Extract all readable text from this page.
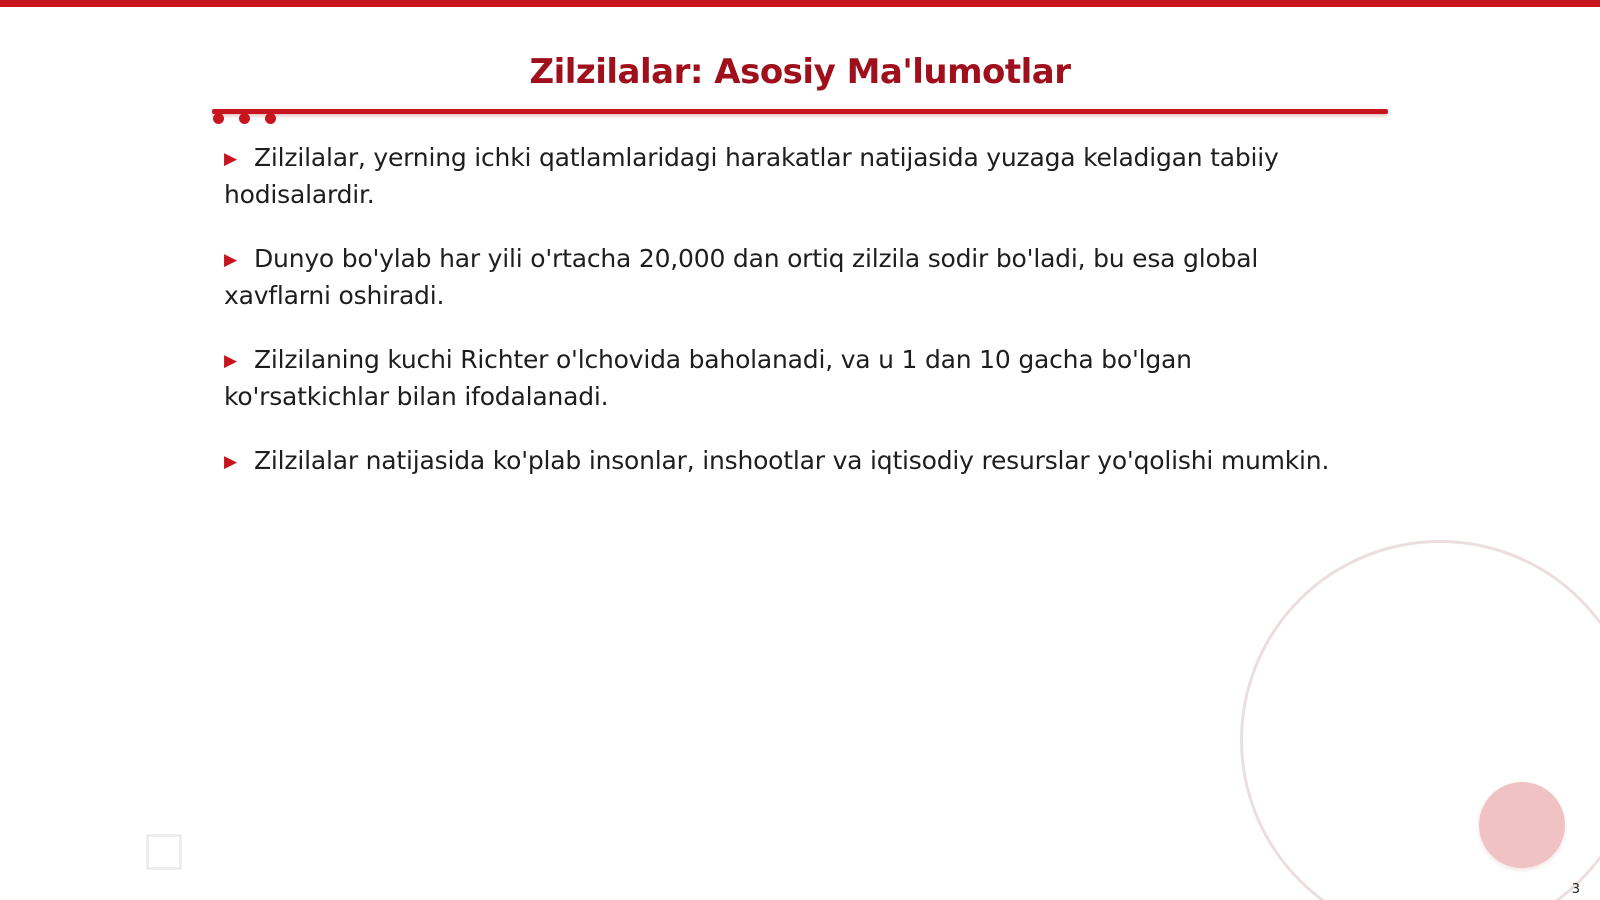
Zilzilalar: Asosiy Ma'lumotlar
▶ Zilzilalar, yerning ichki qatlamlaridagi harakatlar natijasida yuzaga keladigan tabiiy hodisalardir.
▶ Dunyo bo'ylab har yili o'rtacha 20,000 dan ortiq zilzila sodir bo'ladi, bu esa global xavflarni oshiradi.
▶ Zilzilaning kuchi Richter o'lchovida baholanadi, va u 1 dan 10 gacha bo'lgan ko'rsatkichlar bilan ifodalanadi.
▶ Zilzilalar natijasida ko'plab insonlar, inshootlar va iqtisodiy resurslar yo'qolishi mumkin.
3
